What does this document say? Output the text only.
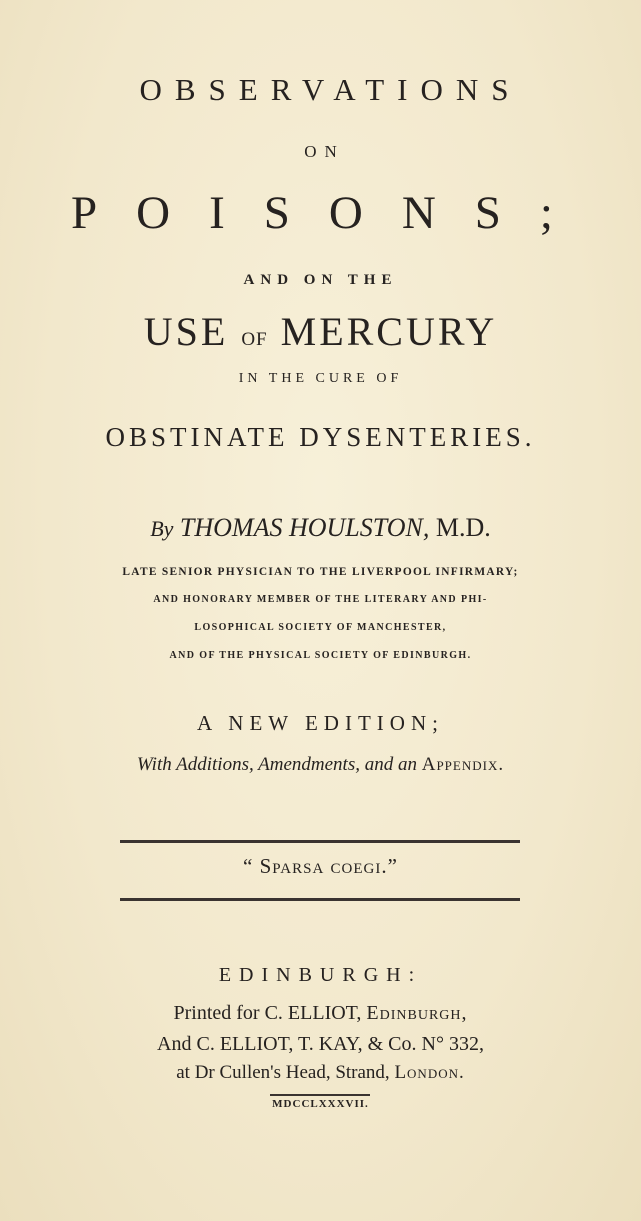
OBSERVATIONS
ON
POISONS;
AND ON THE
USE OF MERCURY
IN THE CURE OF
OBSTINATE DYSENTERIES.
By THOMAS HOULSTON, M.D.
LATE SENIOR PHYSICIAN TO THE LIVERPOOL INFIRMARY;
AND HONORARY MEMBER OF THE LITERARY AND PHI-
LOSOPHICAL SOCIETY OF MANCHESTER,
AND OF THE PHYSICAL SOCIETY OF EDINBURGH.
A NEW EDITION;
With Additions, Amendments, and an Appendix.
“ Sparsa coegi.”
EDINBURGH:
Printed for C. ELLIOT, Edinburgh,
And C. ELLIOT, T. KAY, & Co. N° 332,
at Dr Cullen's Head, Strand, London.
MDCCLXXXVII.
